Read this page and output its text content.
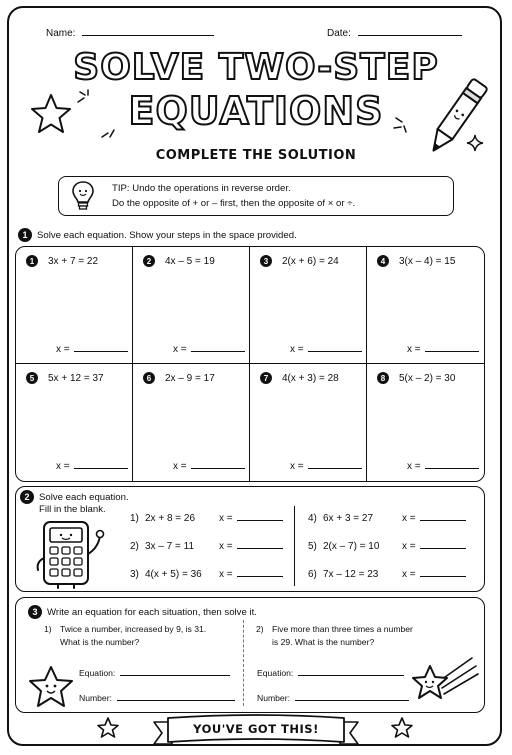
Name:	Date:
SOLVE TWO-STEP
EQUATIONS
COMPLETE THE SOLUTION
TIP: Undo the operations in reverse order.
Do the opposite of + or – first, then the opposite of × or ÷.
1 Solve each equation. Show your steps in the space provided.
1	3x + 7 = 22
x =
2	4x – 5 = 19
x =
3	2(x + 6) = 24
x =
4	3(x – 4) = 15
x =
5	5x + 12 = 37
x =
6	2x – 9 = 17
x =
7	4(x + 3) = 28
x =
8	5(x – 2) = 30
x =
2 Solve each equation.
Fill in the blank.
1) 2x + 8 = 26 x =
2) 3x – 7 = 11 x =
3) 4(x + 5) = 36 x =
4) 6x + 3 = 27	x =
5) 2(x – 7) = 10 x =
6) 7x – 12 = 23 x =
3 Write an equation for each situation, then solve it.
1) Twice a number, increased by 9, is 31.
What is the number?
2) Five more than three times a number
is 29. What is the number?
Equation:
Number:
Equation:
Number:
YOU'VE GOT THIS!
